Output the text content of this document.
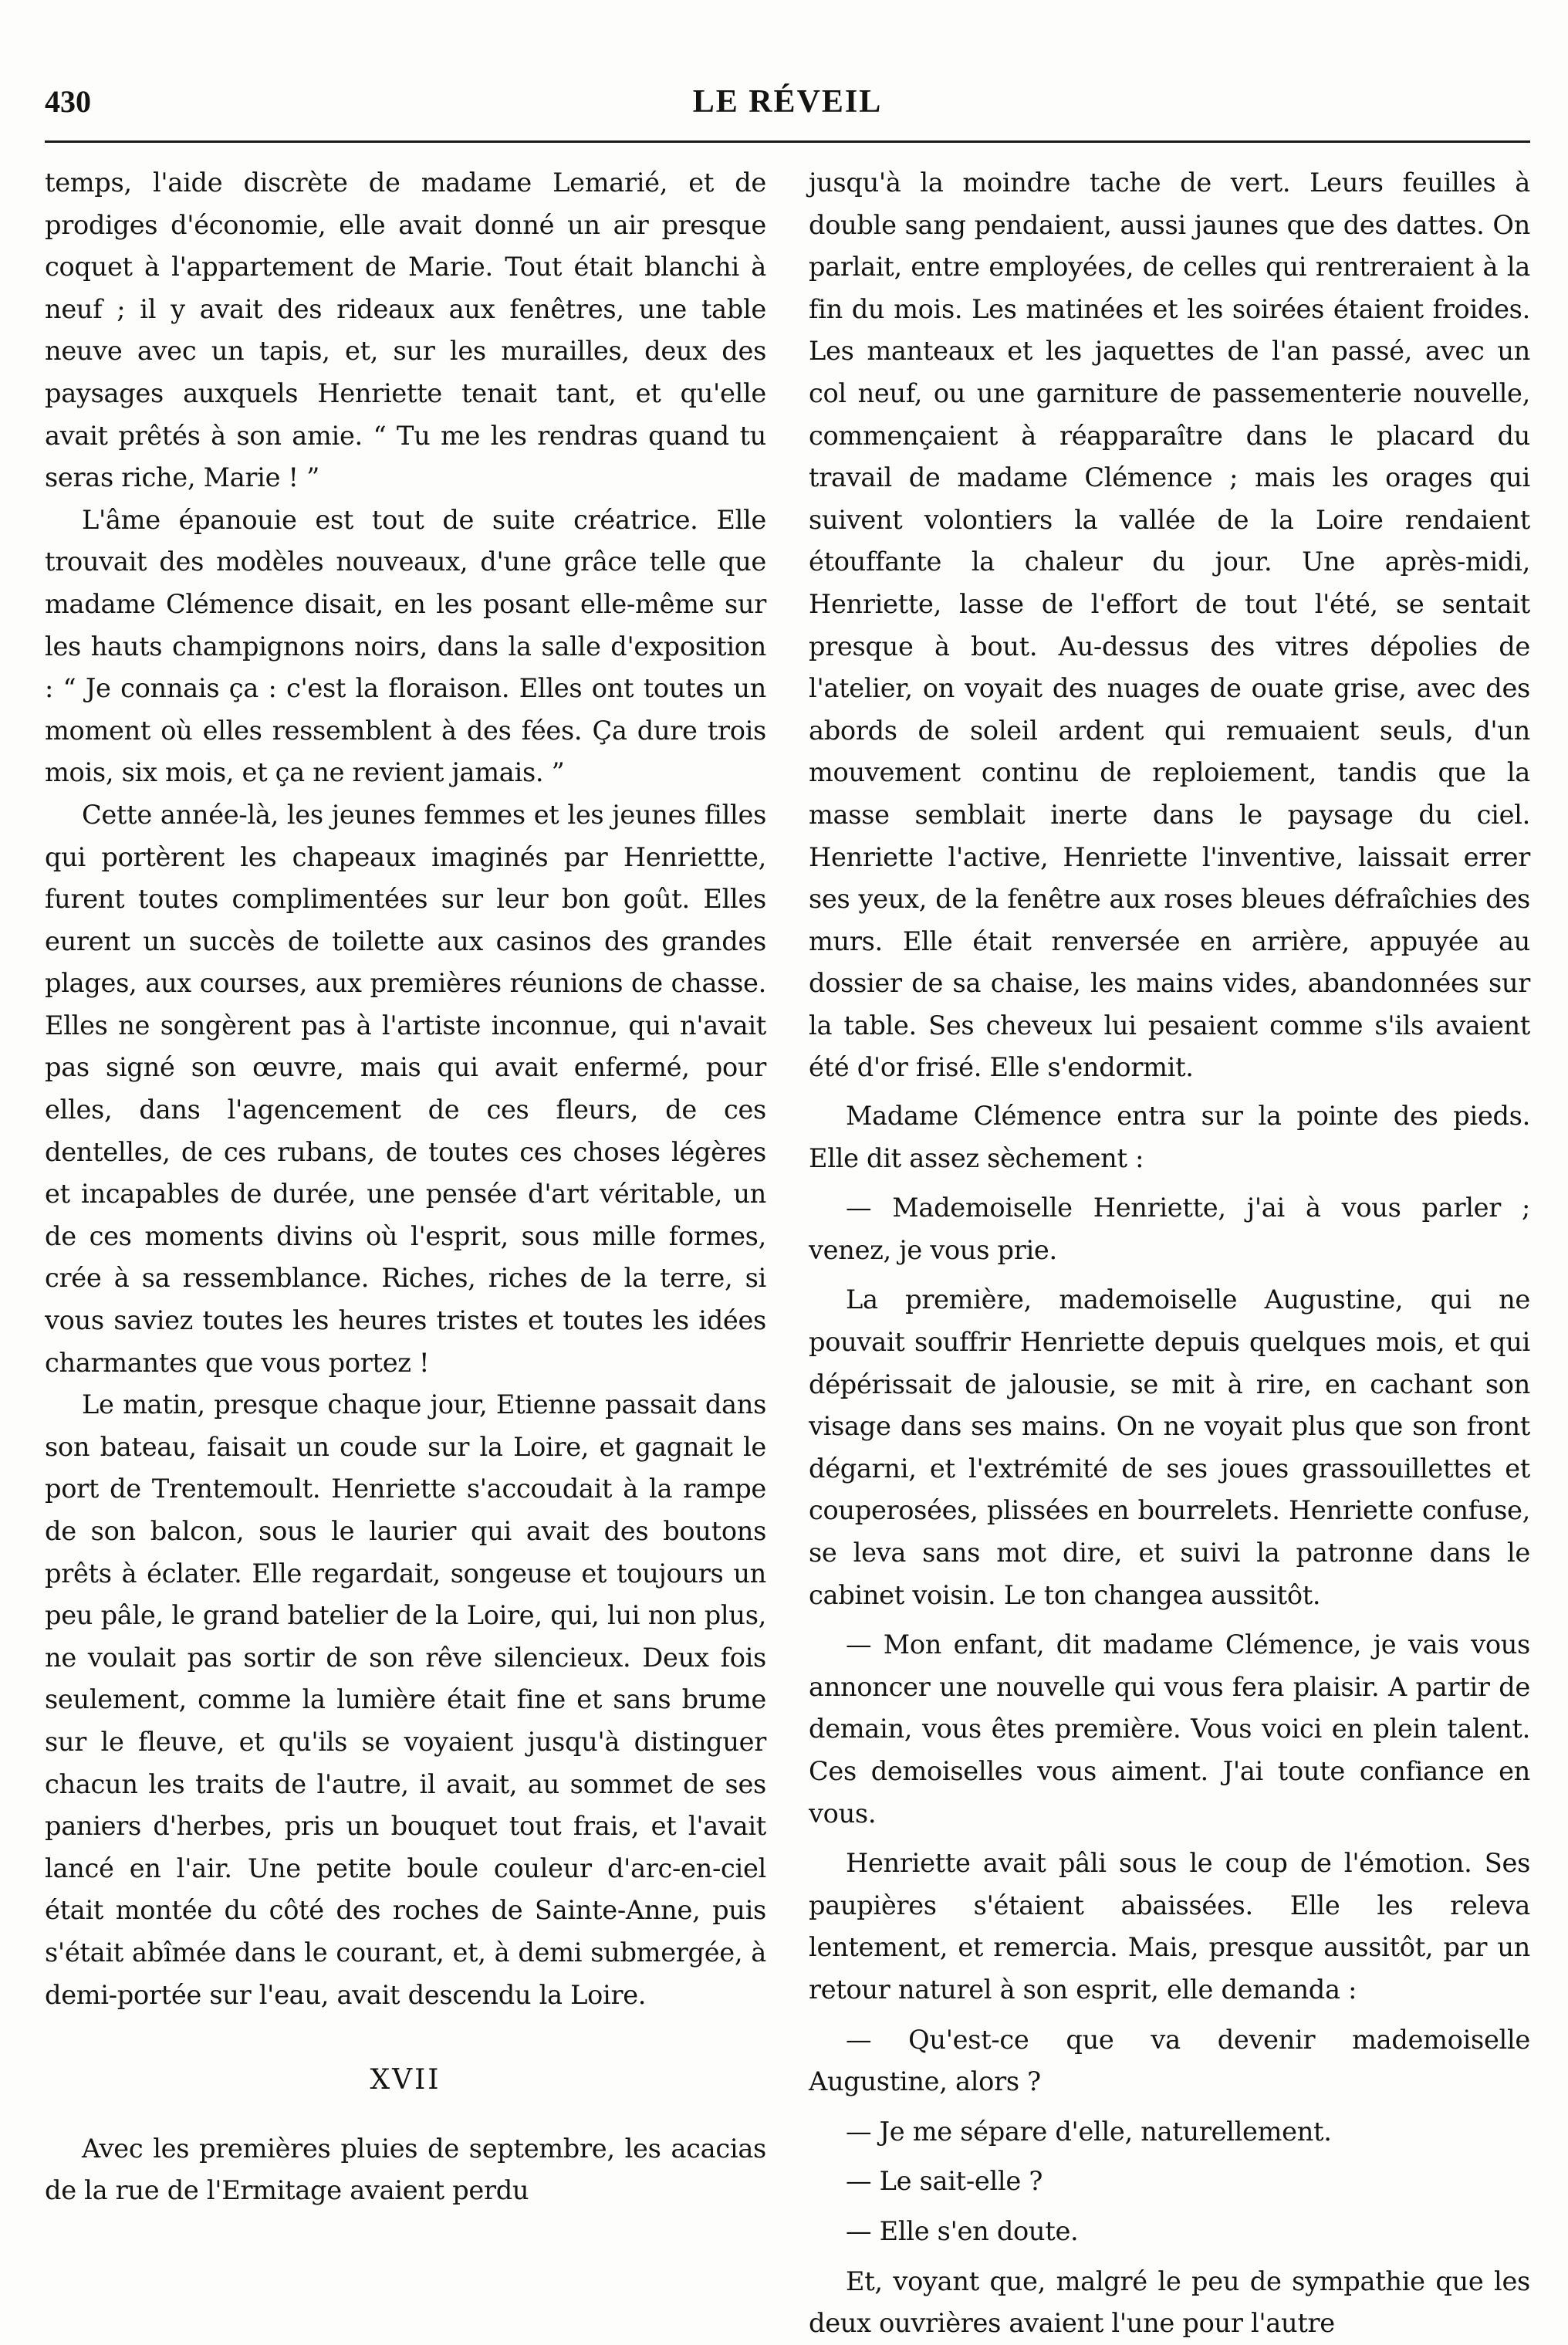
430	LE RÉVEIL

temps, l'aide discrète de madame Lemarié, et de prodiges d'économie, elle avait donné un air presque coquet à l'appartement de Marie. Tout était blanchi à neuf ; il y avait des rideaux aux fenêtres, une table neuve avec un tapis, et, sur les murailles, deux des paysages auxquels Henriette tenait tant, et qu'elle avait prêtés à son amie. “ Tu me les rendras quand tu seras riche, Marie ! ”

L'âme épanouie est tout de suite créatrice. Elle trouvait des modèles nouveaux, d'une grâce telle que madame Clémence disait, en les posant elle-même sur les hauts champignons noirs, dans la salle d'exposition : “ Je connais ça : c'est la floraison. Elles ont toutes un moment où elles ressemblent à des fées. Ça dure trois mois, six mois, et ça ne revient jamais. ”

Cette année-là, les jeunes femmes et les jeunes filles qui portèrent les chapeaux imaginés par Henriettte, furent toutes complimentées sur leur bon goût. Elles eurent un succès de toilette aux casinos des grandes plages, aux courses, aux premières réunions de chasse. Elles ne songèrent pas à l'artiste inconnue, qui n'avait pas signé son œuvre, mais qui avait enfermé, pour elles, dans l'agencement de ces fleurs, de ces dentelles, de ces rubans, de toutes ces choses légères et incapables de durée, une pensée d'art véritable, un de ces moments divins où l'esprit, sous mille formes, crée à sa ressemblance. Riches, riches de la terre, si vous saviez toutes les heures tristes et toutes les idées charmantes que vous portez !

Le matin, presque chaque jour, Etienne passait dans son bateau, faisait un coude sur la Loire, et gagnait le port de Trentemoult. Henriette s'accoudait à la rampe de son balcon, sous le laurier qui avait des boutons prêts à éclater. Elle regardait, songeuse et toujours un peu pâle, le grand batelier de la Loire, qui, lui non plus, ne voulait pas sortir de son rêve silencieux. Deux fois seulement, comme la lumière était fine et sans brume sur le fleuve, et qu'ils se voyaient jusqu'à distinguer chacun les traits de l'autre, il avait, au sommet de ses paniers d'herbes, pris un bouquet tout frais, et l'avait lancé en l'air. Une petite boule couleur d'arc-en-ciel était montée du côté des roches de Sainte-Anne, puis s'était abîmée dans le courant, et, à demi submergée, à demi-portée sur l'eau, avait descendu la Loire.

XVII

Avec les premières pluies de septembre, les acacias de la rue de l'Ermitage avaient perdu

jusqu'à la moindre tache de vert. Leurs feuilles à double sang pendaient, aussi jaunes que des dattes. On parlait, entre employées, de celles qui rentreraient à la fin du mois. Les matinées et les soirées étaient froides. Les manteaux et les jaquettes de l'an passé, avec un col neuf, ou une garniture de passementerie nouvelle, commençaient à réapparaître dans le placard du travail de madame Clémence ; mais les orages qui suivent volontiers la vallée de la Loire rendaient étouffante la chaleur du jour. Une après-midi, Henriette, lasse de l'effort de tout l'été, se sentait presque à bout. Au-dessus des vitres dépolies de l'atelier, on voyait des nuages de ouate grise, avec des abords de soleil ardent qui remuaient seuls, d'un mouvement continu de reploiement, tandis que la masse semblait inerte dans le paysage du ciel. Henriette l'active, Henriette l'inventive, laissait errer ses yeux, de la fenêtre aux roses bleues défraîchies des murs. Elle était renversée en arrière, appuyée au dossier de sa chaise, les mains vides, abandonnées sur la table. Ses cheveux lui pesaient comme s'ils avaient été d'or frisé. Elle s'endormit.

Madame Clémence entra sur la pointe des pieds. Elle dit assez sèchement :

— Mademoiselle Henriette, j'ai à vous parler ; venez, je vous prie.

La première, mademoiselle Augustine, qui ne pouvait souffrir Henriette depuis quelques mois, et qui dépérissait de jalousie, se mit à rire, en cachant son visage dans ses mains. On ne voyait plus que son front dégarni, et l'extrémité de ses joues grassouillettes et couperosées, plissées en bourrelets. Henriette confuse, se leva sans mot dire, et suivi la patronne dans le cabinet voisin. Le ton changea aussitôt.

— Mon enfant, dit madame Clémence, je vais vous annoncer une nouvelle qui vous fera plaisir. A partir de demain, vous êtes première. Vous voici en plein talent. Ces demoiselles vous aiment. J'ai toute confiance en vous.

Henriette avait pâli sous le coup de l'émotion. Ses paupières s'étaient abaissées. Elle les releva lentement, et remercia. Mais, presque aussitôt, par un retour naturel à son esprit, elle demanda :

— Qu'est-ce que va devenir mademoiselle Augustine, alors ?

— Je me sépare d'elle, naturellement.

— Le sait-elle ?

— Elle s'en doute.

Et, voyant que, malgré le peu de sympathie que les deux ouvrières avaient l'une pour l'autre
